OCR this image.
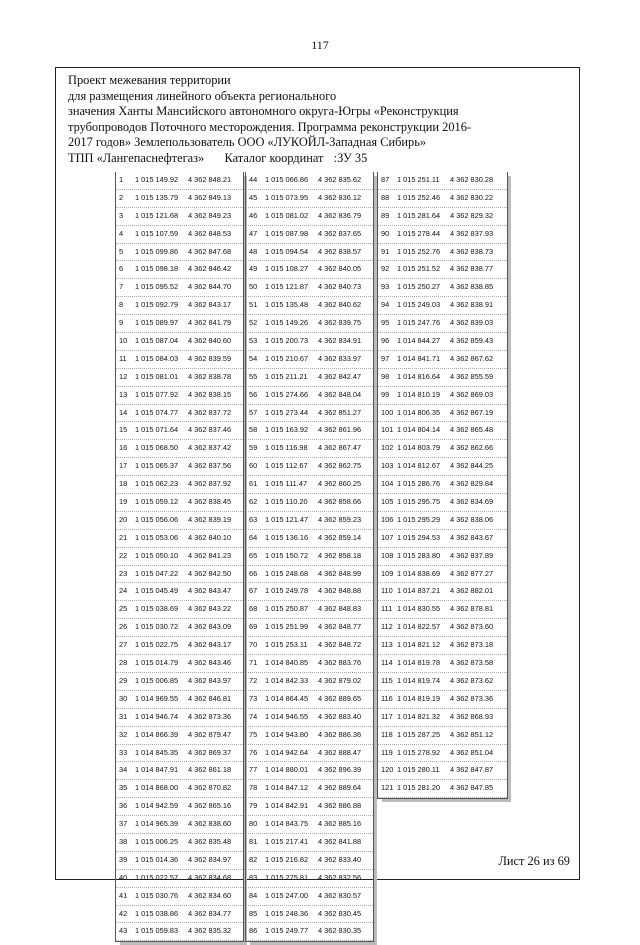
117
Проект межевания территории
для размещения линейного объекта регионального
значения Ханты Мансийского автономного округа-Югры «Реконструкция
трубопроводов Поточного месторождения. Программа реконструкции 2016-
2017 годов» Землепользователь ООО «ЛУКОЙЛ-Западная Сибирь»
ТПП «Лангепаснефтегаз» Каталог координат :ЗУ 35
1 1 015 149.92 4 362 848.21
2 1 015 135.79 4 362 849.13
3 1 015 121.68 4 362 849.23
4 1 015 107.59 4 362 848.53
5 1 015 099.86 4 362 847.68
6 1 015 098.18 4 362 846.42
7 1 015 095.52 4 362 844.70
8 1 015 092.79 4 362 843.17
9 1 015 089.97 4 362 841.79
10 1 015 087.04 4 362 840.60
11 1 015 084.03 4 362 839.59
12 1 015 081.01 4 362 838.78
13 1 015 077.92 4 362 838.15
14 1 015 074.77 4 362 837.72
15 1 015 071.64 4 362 837.46
16 1 015 068.50 4 362 837.42
17 1 015 065.37 4 362 837.56
18 1 015 062.23 4 362 837.92
19 1 015 059.12 4 362 838.45
20 1 015 056.06 4 362 839.19
21 1 015 053.06 4 362 840.10
22 1 015 050.10 4 362 841.23
23 1 015 047.22 4 362 842.50
24 1 015 045.49 4 362 843.47
25 1 015 038.69 4 362 843.22
26 1 015 030.72 4 362 843.09
27 1 015 022.75 4 362 843.17
28 1 015 014.79 4 362 843.46
29 1 015 006.85 4 362 843.97
30 1 014 969.55 4 362 846.81
31 1 014 946.74 4 362 873.36
32 1 014 866.39 4 362 879.47
33 1 014 845.35 4 362 869.37
34 1 014 847.91 4 362 861.18
35 1 014 868.00 4 362 870.82
36 1 014 942.59 4 362 865.16
37 1 014 965.39 4 362 838.60
38 1 015 006.25 4 362 835.48
39 1 015 014.36 4 362 834.97
40 1 015 022.57 4 362 834.68
41 1 015 030.76 4 362 834.60
42 1 015 038.86 4 362 834.77
43 1 015 059.83 4 362 835.32
44 1 015 066.86 4 362 835.62
45 1 015 073.95 4 362 836.12
46 1 015 081.02 4 362 836.79
47 1 015 087.98 4 362 837.65
48 1 015 094.54 4 362 838.57
49 1 015 108.27 4 362 840.05
50 1 015 121.87 4 362 840.73
51 1 015 135.48 4 362 840.62
52 1 015 149.26 4 362 839.75
53 1 015 200.73 4 362 834.91
54 1 015 210.67 4 362 833.97
55 1 015 211.21 4 362 842.47
56 1 015 274.66 4 362 848.04
57 1 015 273.44 4 362 851.27
58 1 015 163.92 4 362 861.96
59 1 015 116.98 4 362 867.47
60 1 015 112.67 4 362 862.75
61 1 015 111.47 4 362 860.25
62 1 015 110.20 4 362 858.66
63 1 015 121.47 4 362 859.23
64 1 015 136.16 4 362 859.14
65 1 015 150.72 4 362 858.18
66 1 015 248.68 4 362 848.99
67 1 015 249.78 4 362 848.88
68 1 015 250.87 4 362 848.83
69 1 015 251.99 4 362 848.77
70 1 015 253.11 4 362 848.72
71 1 014 840.85 4 362 883.76
72 1 014 842.33 4 362 879.02
73 1 014 864.45 4 362 889.65
74 1 014 946.55 4 362 883.40
75 1 014 943.80 4 362 886.36
76 1 014 942.64 4 362 888.47
77 1 014 880.01 4 362 896.39
78 1 014 847.12 4 362 889.64
79 1 014 842.91 4 362 886.88
80 1 014 843.75 4 362 885.16
81 1 015 217.41 4 362 841.88
82 1 015 216.82 4 362 833.40
83 1 015 275.81 4 362 832.56
84 1 015 247.00 4 362 830.57
85 1 015 248.36 4 362 830.45
86 1 015 249.77 4 362 830.35
87 1 015 251.11 4 362 830.28
88 1 015 252.46 4 362 830.22
89 1 015 281.64 4 362 829.32
90 1 015 278.44 4 362 837.93
91 1 015 252.76 4 362 838.73
92 1 015 251.52 4 362 838.77
93 1 015 250.27 4 362 838.85
94 1 015 249.03 4 362 838.91
95 1 015 247.76 4 362 839.03
96 1 014 844.27 4 362 859.43
97 1 014 841.71 4 362 867.62
98 1 014 816.64 4 362 855.59
99 1 014 810.19 4 362 869.03
100 1 014 806.35 4 362 867.19
101 1 014 804.14 4 362 865.48
102 1 014 803.79 4 362 862.66
103 1 014 812.67 4 362 844.25
104 1 015 286.76 4 362 829.84
105 1 015 295.75 4 362 834.69
106 1 015 295.29 4 362 838.06
107 1 015 294.53 4 362 843.67
108 1 015 283.80 4 362 837.89
109 1 014 838.69 4 362 877.27
110 1 014 837.21 4 362 882.01
111 1 014 830.55 4 362 878.81
112 1 014 822.57 4 362 873.60
113 1 014 821.12 4 362 873.18
114 1 014 819.78 4 362 873.58
115 1 014 819.74 4 362 873.62
116 1 014 819.19 4 362 873.36
117 1 014 821.32 4 362 868.93
118 1 015 287.25 4 362 851.12
119 1 015 278.92 4 362 851.04
120 1 015 280.11 4 362 847.87
121 1 015 281.20 4 362 847.85
Лист 26 из 69
